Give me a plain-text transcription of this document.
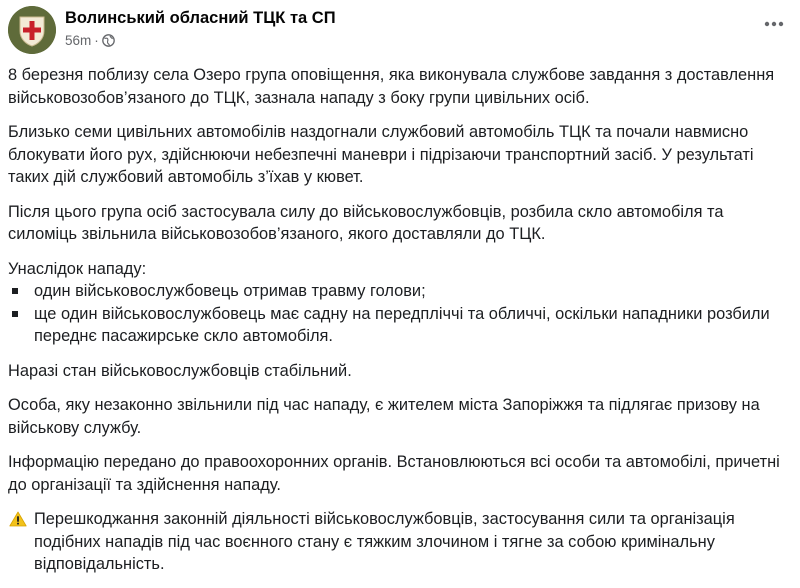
Волинський обласний ТЦК та СП
56m ·

8 березня поблизу села Озеро група оповіщення, яка виконувала службове завдання з доставлення військовозобов’язаного до ТЦК, зазнала нападу з боку групи цивільних осіб.

Близько семи цивільних автомобілів наздогнали службовий автомобіль ТЦК та почали навмисно блокувати його рух, здійснюючи небезпечні маневри і підрізаючи транспортний засіб. У результаті таких дій службовий автомобіль з’їхав у кювет.

Після цього група осіб застосувала силу до військовослужбовців, розбила скло автомобіля та силоміць звільнила військовозобов’язаного, якого доставляли до ТЦК.

Унаслідок нападу:

один військовослужбовець отримав травму голови;
ще один військовослужбовець має садну на передпліччі та обличчі, оскільки нападники розбили переднє пасажирське скло автомобіля.

Наразі стан військовослужбовців стабільний.

Особа, яку незаконно звільнили під час нападу, є жителем міста Запоріжжя та підлягає призову на військову службу.

Інформацію передано до правоохоронних органів. Встановлюються всі особи та автомобілі, причетні до організації та здійснення нападу.

Перешкоджання законній діяльності військовослужбовців, застосування сили та організація подібних нападів під час воєнного стану є тяжким злочином і тягне за собою кримінальну відповідальність.
